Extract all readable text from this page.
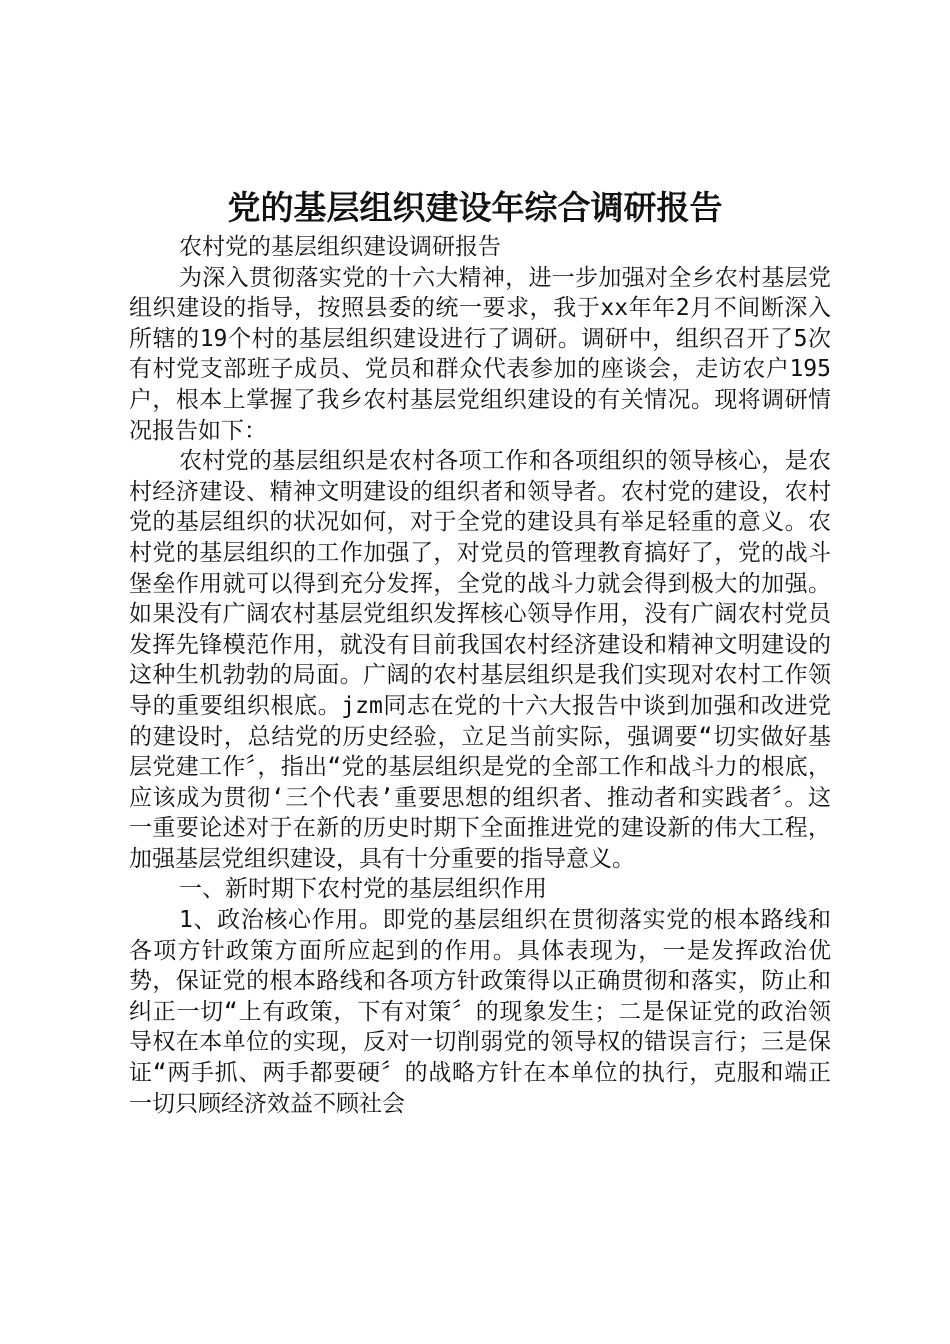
党的基层组织建设年综合调研报告

农村党的基层组织建设调研报告

为深入贯彻落实党的十六大精神，进一步加强对全乡农村基层党组织建设的指导，按照县委的统一要求，我于xx年年2月不间断深入所辖的19个村的基层组织建设进行了调研。调研中，组织召开了5次有村党支部班子成员、党员和群众代表参加的座谈会，走访农户195户，根本上掌握了我乡农村基层党组织建设的有关情况。现将调研情况报告如下：

农村党的基层组织是农村各项工作和各项组织的领导核心，是农村经济建设、精神文明建设的组织者和领导者。农村党的建设，农村党的基层组织的状况如何，对于全党的建设具有举足轻重的意义。农村党的基层组织的工作加强了，对党员的管理教育搞好了，党的战斗堡垒作用就可以得到充分发挥，全党的战斗力就会得到极大的加强。如果没有广阔农村基层党组织发挥核心领导作用，没有广阔农村党员发挥先锋模范作用，就没有目前我国农村经济建设和精神文明建设的这种生机勃勃的局面。广阔的农村基层组织是我们实现对农村工作领导的重要组织根底。jzm同志在党的十六大报告中谈到加强和改进党的建设时，总结党的历史经验，立足当前实际，强调要“切实做好基层党建工作〞，指出“党的基层组织是党的全部工作和战斗力的根底，应该成为贯彻‘三个代表’重要思想的组织者、推动者和实践者〞。这一重要论述对于在新的历史时期下全面推进党的建设新的伟大工程，加强基层党组织建设，具有十分重要的指导意义。

一、新时期下农村党的基层组织作用

1、政治核心作用。即党的基层组织在贯彻落实党的根本路线和各项方针政策方面所应起到的作用。具体表现为，一是发挥政治优势，保证党的根本路线和各项方针政策得以正确贯彻和落实，防止和纠正一切“上有政策，下有对策〞的现象发生；二是保证党的政治领导权在本单位的实现，反对一切削弱党的领导权的错误言行；三是保证“两手抓、两手都要硬〞的战略方针在本单位的执行，克服和端正一切只顾经济效益不顾社会
